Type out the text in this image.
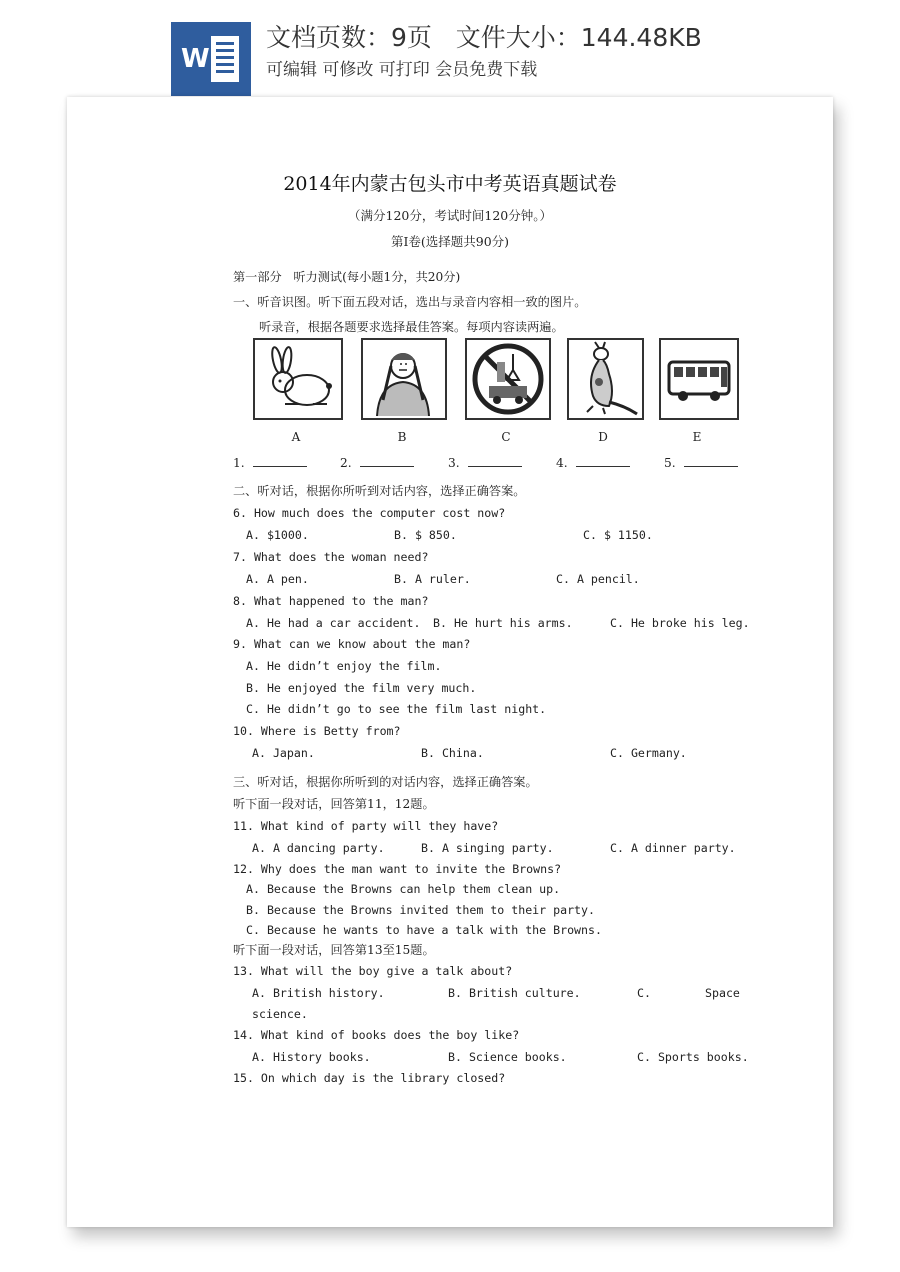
W
文档页数：9页 文件大小：144.48KB
可编辑 可修改 可打印 会员免费下载
2014年内蒙古包头市中考英语真题试卷
（满分120分，考试时间120分钟。）
第Ⅰ卷(选择题共90分)
第一部分   听力测试(每小题1分，共20分)
一、听音识图。听下面五段对话，选出与录音内容相一致的图片。
听录音，根据各题要求选择最佳答案。每项内容读两遍。
A	B	C	D	E
1.	2.	3.	4.	5.
二、听对话，根据你所听到对话内容，选择正确答案。
6. How much does the computer cost now?
A. $1000.	B. $ 850.	C. $ 1150.
7. What does the woman need?
A. A pen.	B. A ruler.	C. A pencil.
8. What happened to the man?
A. He had a car accident. B. He hurt his arms.	C. He broke his leg.
9. What can we know about the man?
A. He didn’t enjoy the film.
B. He enjoyed the film very much.
C. He didn’t go to see the film last night.
10. Where is Betty from?
A. Japan.	B. China.	C. Germany.
三、听对话，根据你所听到的对话内容，选择正确答案。
听下面一段对话，回答第11，12题。
11. What kind of party will they have?
A. A dancing party.	B. A singing party.	C. A dinner party.
12. Why does the man want to invite the Browns?
A. Because the Browns can help them clean up.
B. Because the Browns invited them to their party.
C. Because he wants to have a talk with the Browns.
听下面一段对话，回答第13至15题。
13. What will the boy give a talk about?
A. British history.	B. British culture.	C.	Space
science.
14. What kind of books does the boy like?
A. History books.	B. Science books.	C. Sports books.
15. On which day is the library closed?
